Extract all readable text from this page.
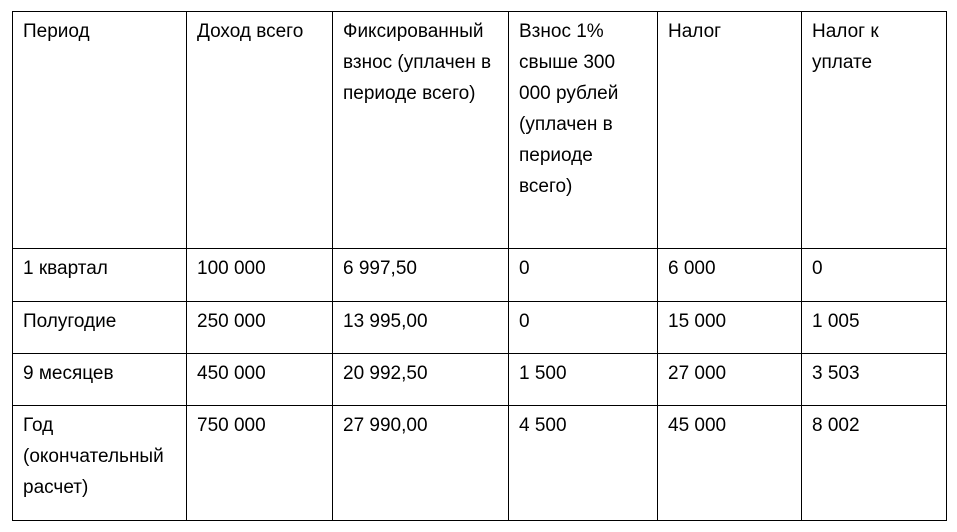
Период	Доход всего	Фиксированный взнос (уплачен в периоде всего)	Взнос 1% свыше 300 000 рублей (уплачен в периоде всего)	Налог	Налог к уплате
1 квартал	100 000	6 997,50	0	6 000	0
Полугодие	250 000	13 995,00	0	15 000	1 005
9 месяцев	450 000	20 992,50	1 500	27 000	3 503
Год (окончательный расчет)	750 000	27 990,00	4 500	45 000	8 002
